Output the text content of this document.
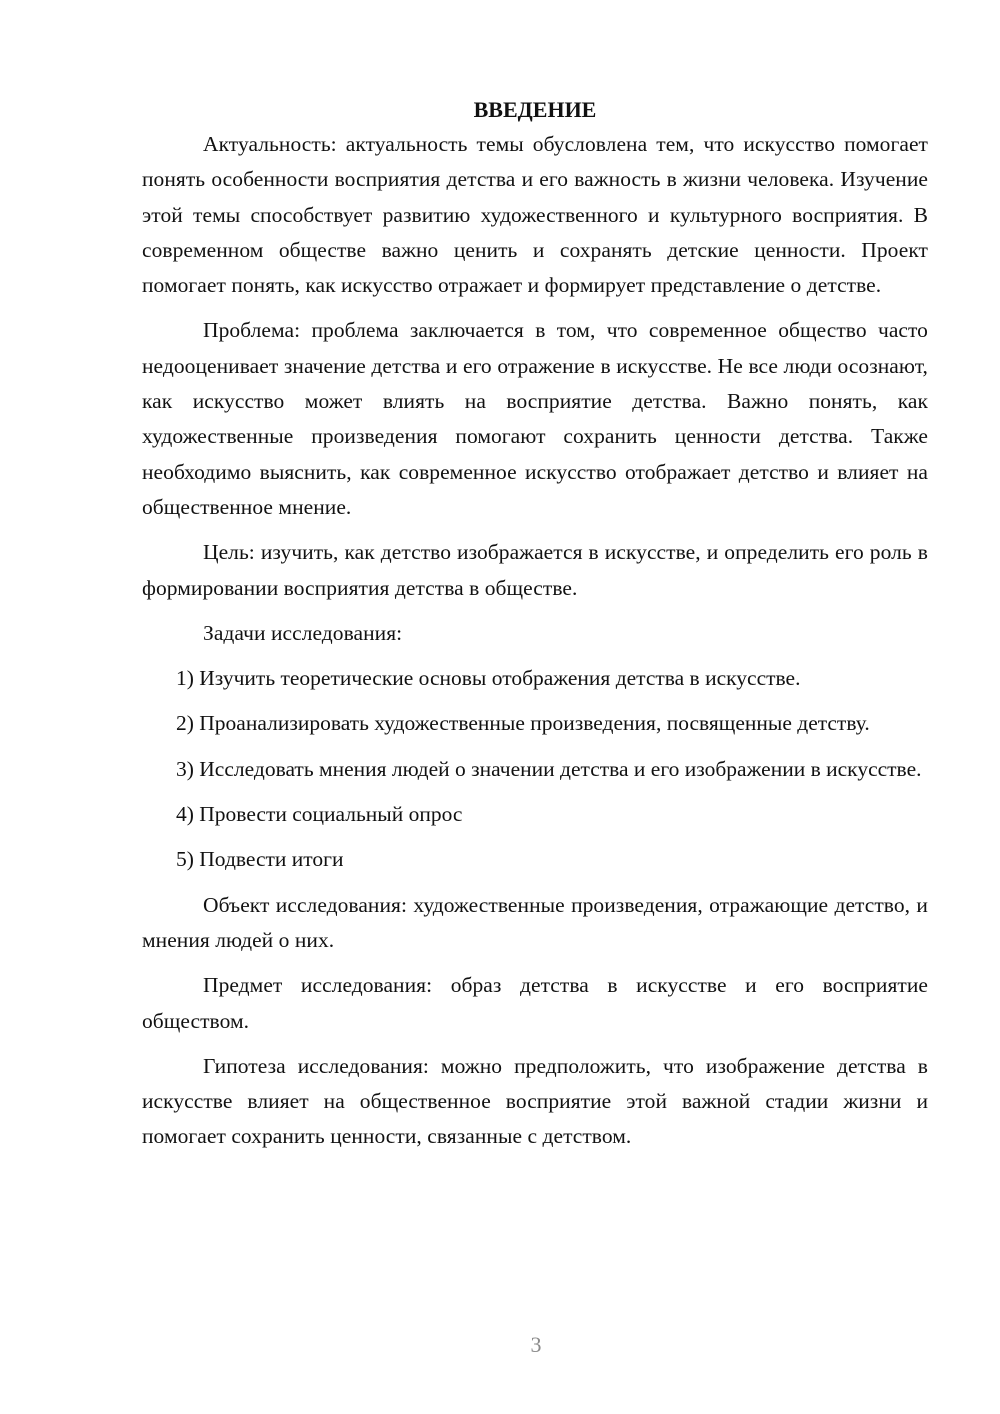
ВВЕДЕНИЕ

Актуальность: актуальность темы обусловлена тем, что искусство помогает понять особенности восприятия детства и его важность в жизни человека. Изучение этой темы способствует развитию художественного и культурного восприятия. В современном обществе важно ценить и сохранять детские ценности. Проект помогает понять, как искусство отражает и формирует представление о детстве.

Проблема: проблема заключается в том, что современное общество часто недооценивает значение детства и его отражение в искусстве. Не все люди осознают, как искусство может влиять на восприятие детства. Важно понять, как художественные произведения помогают сохранить ценности детства. Также необходимо выяснить, как современное искусство отображает детство и влияет на общественное мнение.

Цель: изучить, как детство изображается в искусстве, и определить его роль в формировании восприятия детства в обществе.

Задачи исследования:

1) Изучить теоретические основы отображения детства в искусстве.

2) Проанализировать художественные произведения, посвященные детству.

3) Исследовать мнения людей о значении детства и его изображении в искусстве.

4) Провести социальный опрос

5) Подвести итоги

Объект исследования: художественные произведения, отражающие детство, и мнения людей о них.

Предмет исследования: образ детства в искусстве и его восприятие обществом.

Гипотеза исследования: можно предположить, что изображение детства в искусстве влияет на общественное восприятие этой важной стадии жизни и помогает сохранить ценности, связанные с детством.

3
